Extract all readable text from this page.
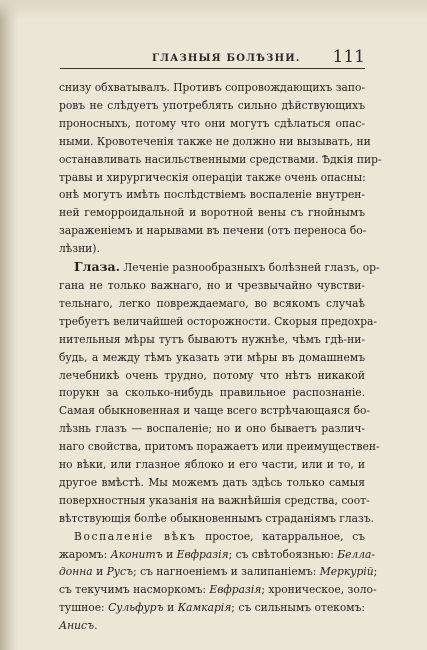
ГЛАЗНЫЯ БОЛѢЗНИ. 111
снизу обхватывалъ. Противъ сопровождающихъ запо-
ровъ не слѣдуетъ употреблять сильно дѣйствующихъ
проносныхъ, потому что они могутъ сдѣлаться опас-
ными. Кровотеченія также не должно ни вызывать, ни
останавливать насильственными средствами. Ѣдкія пир-
травы и хирургическія операціи также очень опасны:
онѣ могутъ имѣть послѣдствіемъ воспаленіе внутрен-
ней геморроидальной и воротной вены съ гнойнымъ
зараженіемъ и нарывами въ печени (отъ переноса бо-
лѣзни).
Глаза. Леченіе разнообразныхъ болѣзней глазъ, ор-
гана не только важнаго, но и чрезвычайно чувстви-
тельнаго, легко повреждаемаго, во всякомъ случаѣ
требуетъ величайшей осторожности. Скорыя предохра-
нительныя мѣры тутъ бываютъ нужнѣе, чѣмъ гдѣ-ни-
будь, а между тѣмъ указать эти мѣры въ домашнемъ
лечебникѣ очень трудно, потому что нѣтъ никакой
порукн за сколько-нибудь правильное распознаніе.
Самая обыкновенная и чаще всего встрѣчающаяся бо-
лѣзнь глазъ — воспаленіе; но и оно бываетъ различ-
наго свойства, притомъ поражаетъ или преимуществен-
но вѣки, или глазное яблоко и его части, или и то, и
другое вмѣстѣ. Мы можемъ дать здѣсь только самыя
поверхностныя указанія на важнѣйшія средства, соот-
вѣтствующія болѣе обыкновеннымъ страданіямъ глазъ.
Воспаленіе вѣкъ простое, катарральное, съ
жаромъ: Аконитъ и Евфразія; съ свѣтобоязнью: Белла-
донна и Русъ; съ нагноеніемъ и залипаніемъ: Меркурій;
съ текучимъ насморкомъ: Евфразія; хроническое, золо-
тушное: Сульфуръ и Камкарія; съ сильнымъ отекомъ:
Анисъ.
